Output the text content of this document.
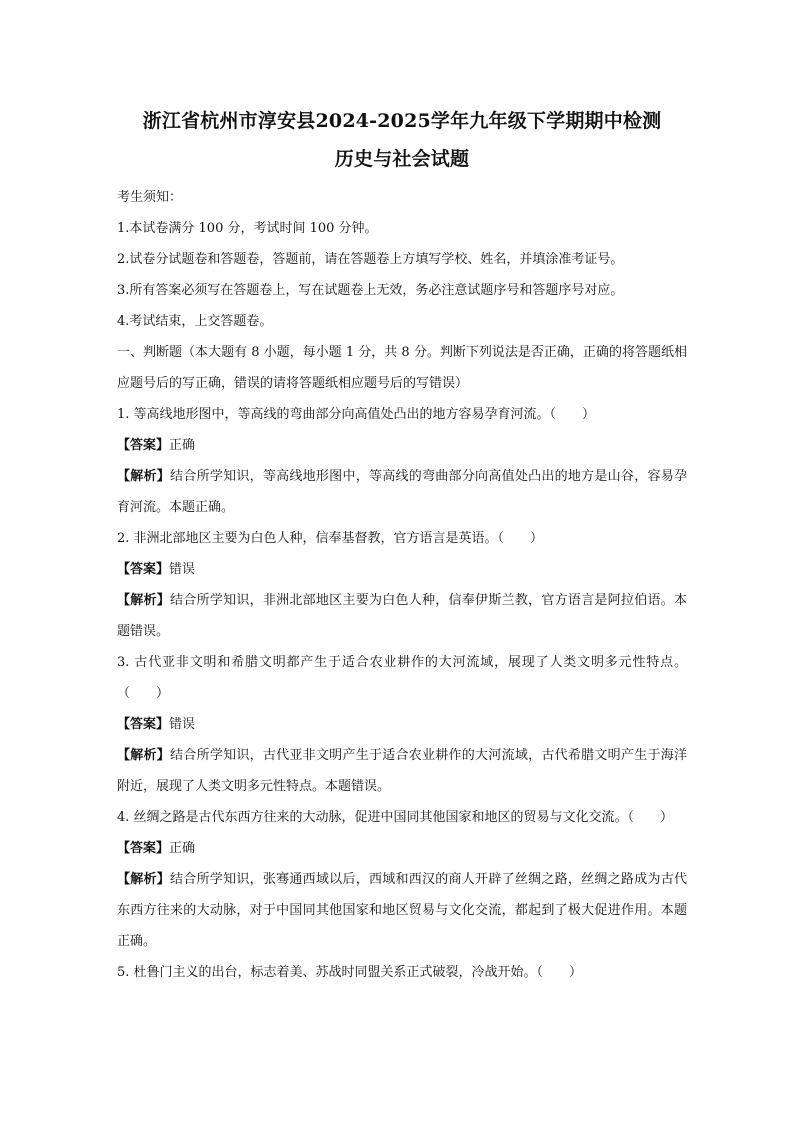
浙江省杭州市淳安县2024-2025学年九年级下学期期中检测
历史与社会试题

考生须知：

1.本试卷满分 100 分，考试时间 100 分钟。

2.试卷分试题卷和答题卷，答题前，请在答题卷上方填写学校、姓名，并填涂准考证号。

3.所有答案必须写在答题卷上，写在试题卷上无效，务必注意试题序号和答题序号对应。

4.考试结束，上交答题卷。

一、判断题（本大题有 8 小题，每小题 1 分，共 8 分。判断下列说法是否正确，正确的将答题纸相应题号后的写正确，错误的请将答题纸相应题号后的写错误）

1. 等高线地形图中，等高线的弯曲部分向高值处凸出的地方容易孕育河流。（　　）

【答案】正确

【解析】结合所学知识，等高线地形图中，等高线的弯曲部分向高值处凸出的地方是山谷，容易孕育河流。本题正确。

2. 非洲北部地区主要为白色人种，信奉基督教，官方语言是英语。（　　）

【答案】错误

【解析】结合所学知识，非洲北部地区主要为白色人种，信奉伊斯兰教，官方语言是阿拉伯语。本题错误。

3. 古代亚非文明和希腊文明都产生于适合农业耕作的大河流域，展现了人类文明多元性特点。（　　）

【答案】错误

【解析】结合所学知识，古代亚非文明产生于适合农业耕作的大河流域，古代希腊文明产生于海洋附近，展现了人类文明多元性特点。本题错误。

4. 丝绸之路是古代东西方往来的大动脉，促进中国同其他国家和地区的贸易与文化交流。（　　）

【答案】正确

【解析】结合所学知识，张骞通西域以后，西域和西汉的商人开辟了丝绸之路，丝绸之路成为古代东西方往来的大动脉，对于中国同其他国家和地区贸易与文化交流，都起到了极大促进作用。本题正确。

5. 杜鲁门主义的出台，标志着美、苏战时同盟关系正式破裂，冷战开始。（　　）
